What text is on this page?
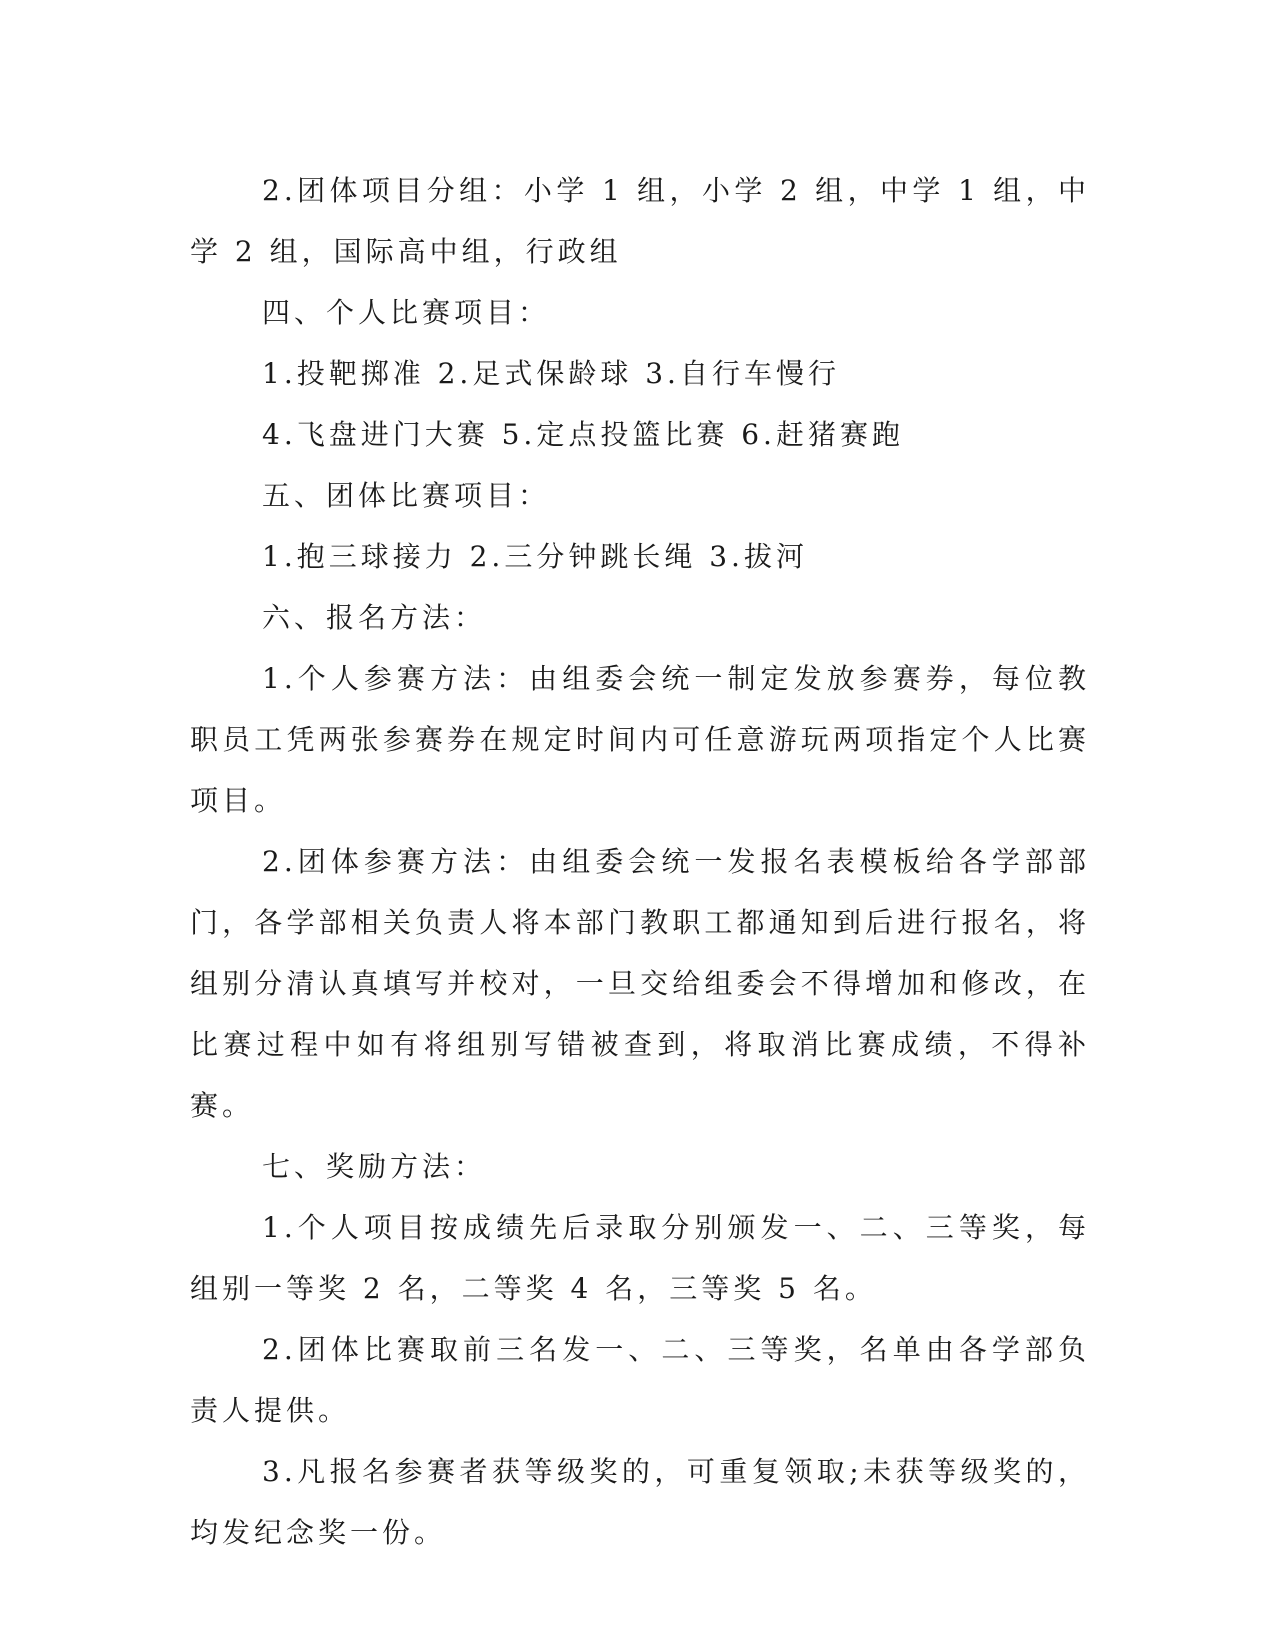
2.团体项目分组：小学 1 组，小学 2 组，中学 1 组，中学 2 组，国际高中组，行政组

四、个人比赛项目：

1.投靶掷准 2.足式保龄球 3.自行车慢行

4.飞盘进门大赛 5.定点投篮比赛 6.赶猪赛跑

五、团体比赛项目：

1.抱三球接力 2.三分钟跳长绳 3.拔河

六、报名方法：

1.个人参赛方法：由组委会统一制定发放参赛券，每位教职员工凭两张参赛券在规定时间内可任意游玩两项指定个人比赛项目。

2.团体参赛方法：由组委会统一发报名表模板给各学部部门，各学部相关负责人将本部门教职工都通知到后进行报名，将组别分清认真填写并校对，一旦交给组委会不得增加和修改，在比赛过程中如有将组别写错被查到，将取消比赛成绩，不得补赛。

七、奖励方法：

1.个人项目按成绩先后录取分别颁发一、二、三等奖，每组别一等奖 2 名，二等奖 4 名，三等奖 5 名。

2.团体比赛取前三名发一、二、三等奖，名单由各学部负责人提供。

3.凡报名参赛者获等级奖的，可重复领取;未获等级奖的，均发纪念奖一份。
